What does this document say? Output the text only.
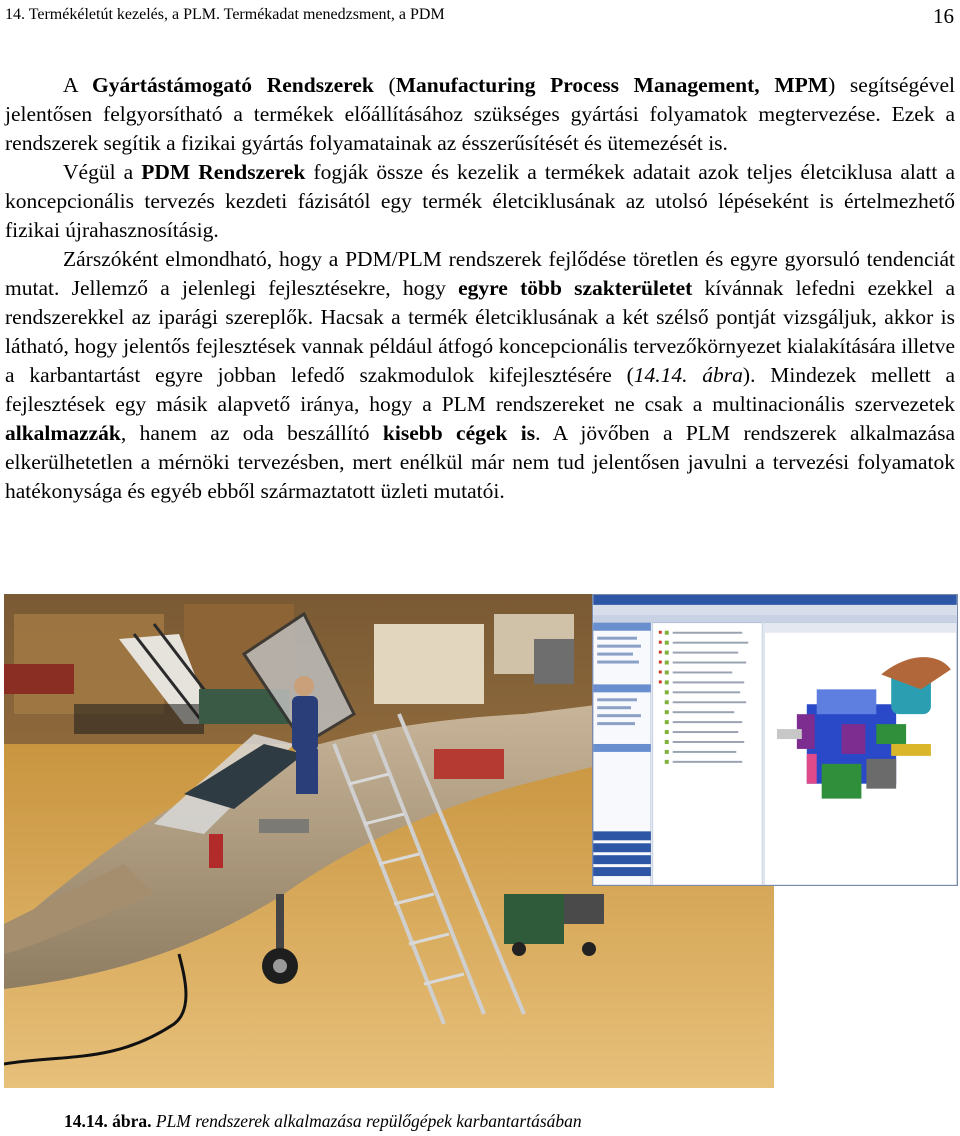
14. Termékéletút kezelés, a PLM. Termékadat menedzsment, a PDM	16

A Gyártástámogató Rendszerek (Manufacturing Process Management, MPM) segítségével jelentősen felgyorsítható a termékek előállításához szükséges gyártási folyamatok megtervezése. Ezek a rendszerek segítik a fizikai gyártás folyamatainak az ésszerűsítését és ütemezését is.

Végül a PDM Rendszerek fogják össze és kezelik a termékek adatait azok teljes életciklusa alatt a koncepcionális tervezés kezdeti fázisától egy termék életciklusának az utolsó lépéseként is értelmezhető fizikai újrahasznosításig.

Zárszóként elmondható, hogy a PDM/PLM rendszerek fejlődése töretlen és egyre gyorsuló tendenciát mutat. Jellemző a jelenlegi fejlesztésekre, hogy egyre több szakterületet kívánnak lefedni ezekkel a rendszerekkel az iparági szereplők. Hacsak a termék életciklusának a két szélső pontját vizsgáljuk, akkor is látható, hogy jelentős fejlesztések vannak például átfogó koncepcionális tervezőkörnyezet kialakítására illetve a karbantartást egyre jobban lefedő szakmodulok kifejlesztésére (14.14. ábra). Mindezek mellett a fejlesztések egy másik alapvető iránya, hogy a PLM rendszereket ne csak a multinacionális szervezetek alkalmazzák, hanem az oda beszállító kisebb cégek is. A jövőben a PLM rendszerek alkalmazása elkerülhetetlen a mérnöki tervezésben, mert enélkül már nem tud jelentősen javulni a tervezési folyamatok hatékonysága és egyéb ebből származtatott üzleti mutatói.

14.14. ábra. PLM rendszerek alkalmazása repülőgépek karbantartásában
